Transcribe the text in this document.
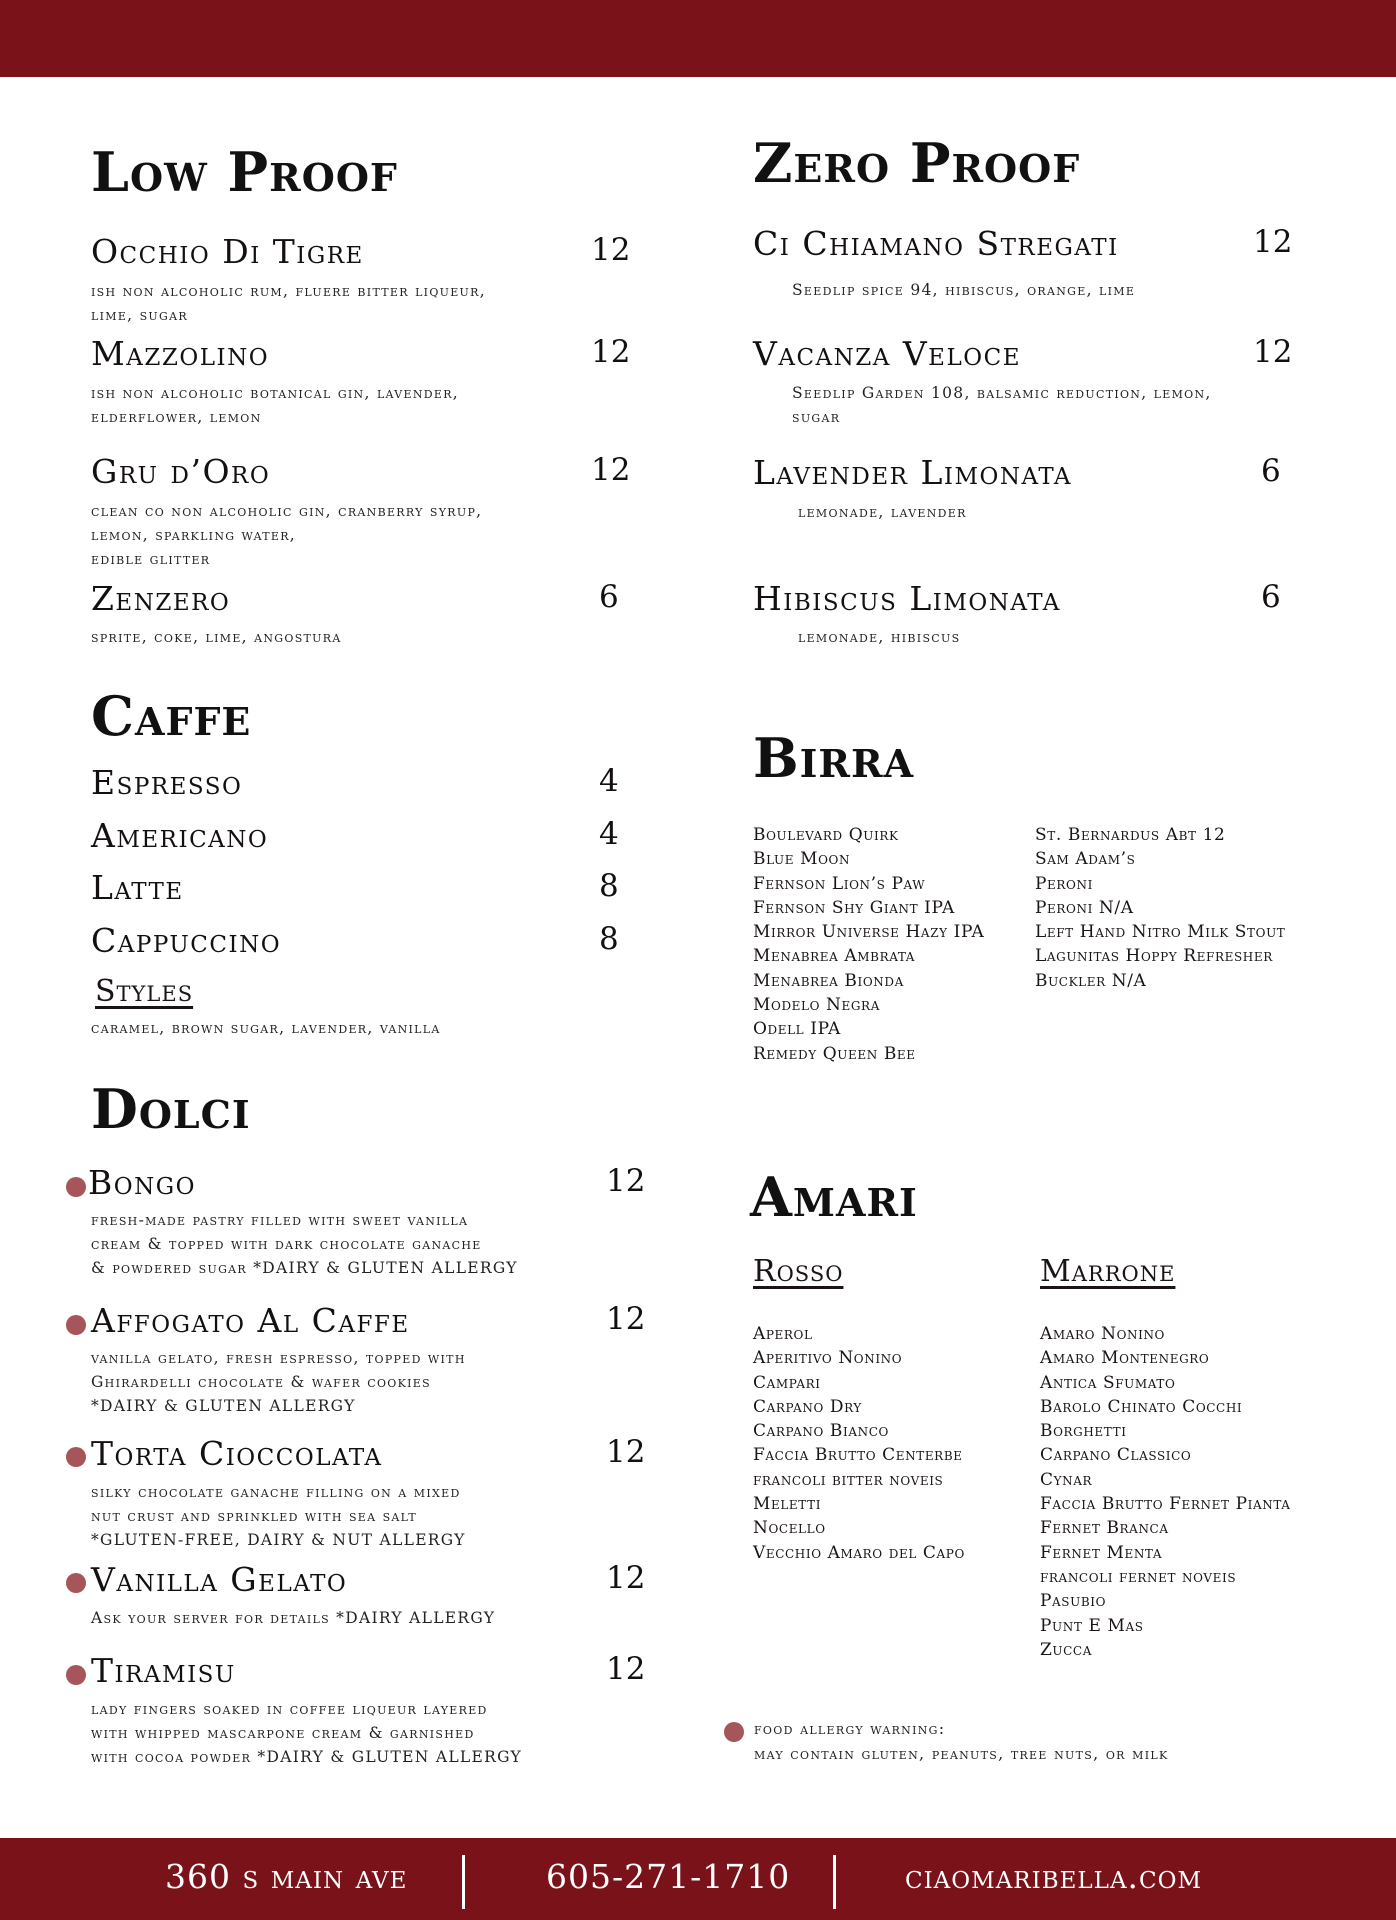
Low Proof
Occhio Di Tigre	12
ish non alcoholic rum, fluere bitter liqueur,
lime, sugar
Mazzolino	12
ish non alcoholic botanical gin, lavender,
elderflower, lemon
Gru d’Oro	12
clean co non alcoholic gin, cranberry syrup,
lemon, sparkling water,
edible glitter
Zenzero	6
sprite, coke, lime, angostura
Caffe
Espresso	4
Americano	4
Latte	8
Cappuccino	8
Styles
caramel, brown sugar, lavender, vanilla
Dolci
Bongo	12
fresh-made pastry filled with sweet vanilla
cream & topped with dark chocolate ganache
& powdered sugar *DAIRY & GLUTEN ALLERGY
Affogato Al Caffe	12
vanilla gelato, fresh espresso, topped with
Ghirardelli chocolate & wafer cookies
*DAIRY & GLUTEN ALLERGY
Torta Cioccolata	12
silky chocolate ganache filling on a mixed
nut crust and sprinkled with sea salt
*GLUTEN-FREE, DAIRY & NUT ALLERGY
Vanilla Gelato	12
Ask your server for details *DAIRY ALLERGY
Tiramisu	12
lady fingers soaked in coffee liqueur layered
with whipped mascarpone cream & garnished
with cocoa powder *DAIRY & GLUTEN ALLERGY
Zero Proof
Ci Chiamano Stregati	12
Seedlip spice 94, hibiscus, orange, lime
Vacanza Veloce	12
Seedlip Garden 108, balsamic reduction, lemon,
sugar
Lavender Limonata	6
lemonade, lavender
Hibiscus Limonata	6
lemonade, hibiscus
Birra
Boulevard Quirk
Blue Moon
Fernson Lion’s Paw
Fernson Shy Giant IPA
Mirror Universe Hazy IPA
Menabrea Ambrata
Menabrea Bionda
Modelo Negra
Odell IPA
Remedy Queen Bee
St. Bernardus Abt 12
Sam Adam’s
Peroni
Peroni N/A
Left Hand Nitro Milk Stout
Lagunitas Hoppy Refresher
Buckler N/A
Amari
Rosso	Marrone
Aperol
Aperitivo Nonino
Campari
Carpano Dry
Carpano Bianco
Faccia Brutto Centerbe
francoli bitter noveis
Meletti
Nocello
Vecchio Amaro del Capo
Amaro Nonino
Amaro Montenegro
Antica Sfumato
Barolo Chinato Cocchi
Borghetti
Carpano Classico
Cynar
Faccia Brutto Fernet Pianta
Fernet Branca
Fernet Menta
francoli fernet noveis
Pasubio
Punt E Mas
Zucca
food allergy warning:
may contain gluten, peanuts, tree nuts, or milk
360 s main ave	605-271-1710	ciaomaribella.com
